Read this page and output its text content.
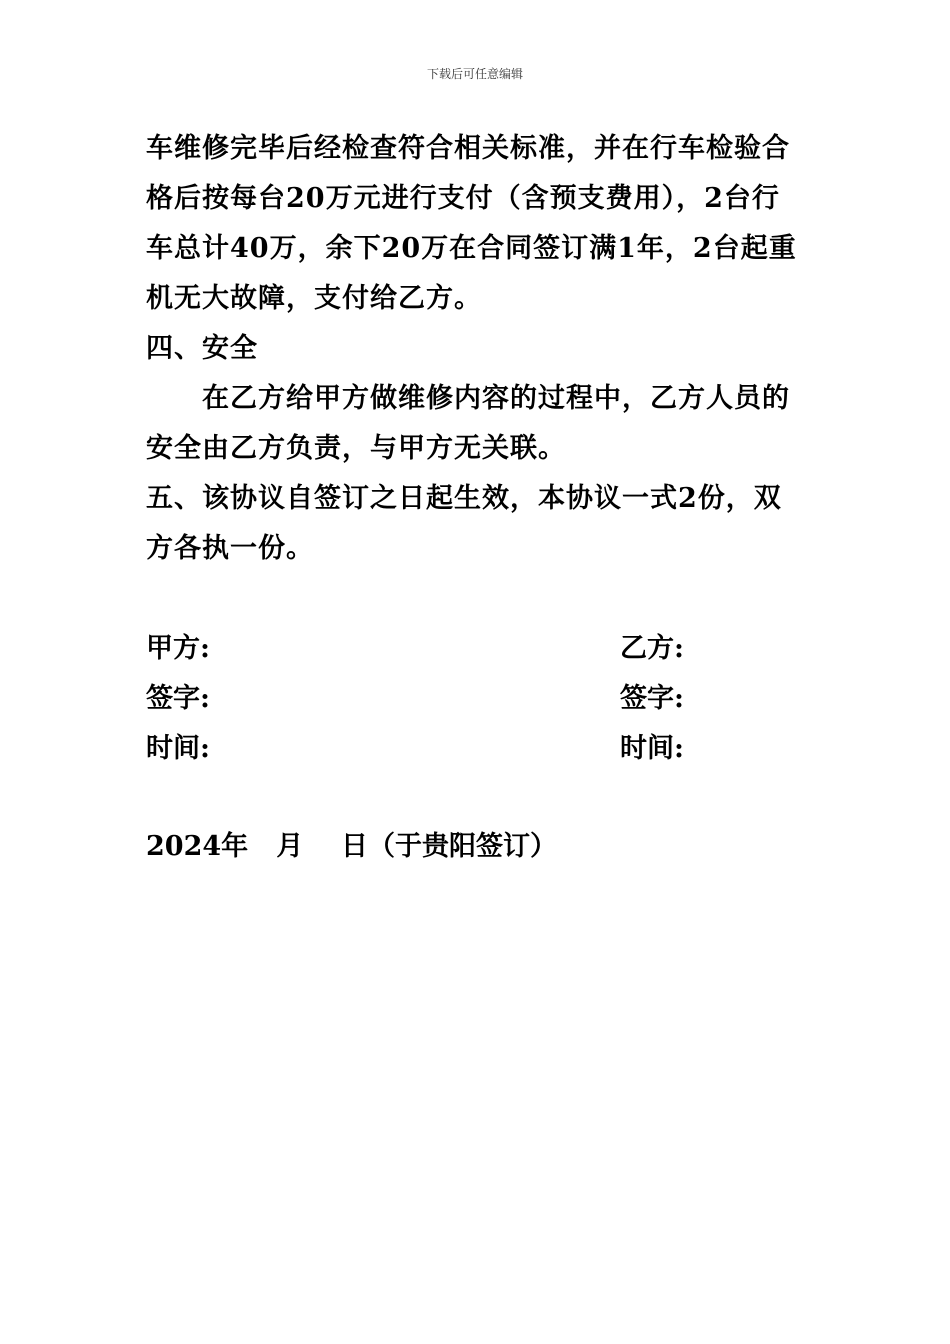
下载后可任意编辑

车维修完毕后经检查符合相关标准，并在行车检验合格后按每台20万元进行支付（含预支费用），2台行车总计40万，余下20万在合同签订满1年，2台起重机无大故障，支付给乙方。

四、安全

在乙方给甲方做维修内容的过程中，乙方人员的安全由乙方负责，与甲方无关联。

五、该协议自签订之日起生效，本协议一式2份，双方各执一份。

甲方:	乙方:
签字:	签字:
时间:	时间:
2024年   月    日（于贵阳签订）
